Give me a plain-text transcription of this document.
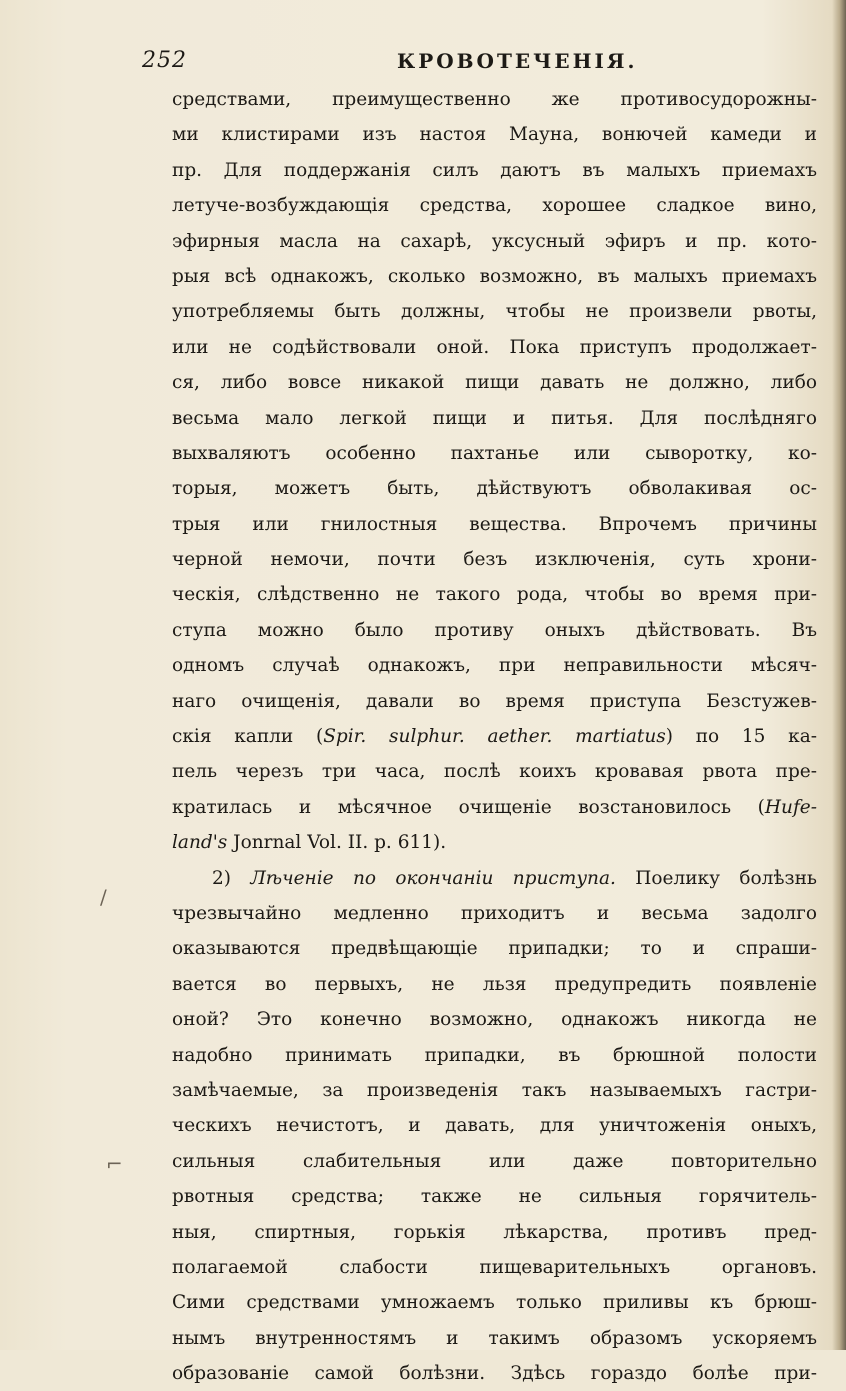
252	КРОВОТЕЧЕНІЯ.
средствами, преимущественно же противосудорожны-
ми клистирами изъ настоя Мауна, вонючей камеди и
пр. Для поддержанія силъ даютъ въ малыхъ приемахъ
летуче-возбуждающія средства, хорошее сладкое вино,
эфирныя масла на сахарѣ, уксусный эфиръ и пр. кото-
рыя всѣ однакожъ, сколько возможно, въ малыхъ приемахъ
употребляемы быть должны, чтобы не произвели рвоты,
или не содѣйствовали оной. Пока приступъ продолжает-
ся, либо вовсе никакой пищи давать не должно, либо
весьма мало легкой пищи и питья. Для послѣдняго
выхваляютъ особенно пахтанье или сыворотку, ко-
торыя, можетъ быть, дѣйствуютъ обволакивая ос-
трыя или гнилостныя вещества. Впрочемъ причины
черной немочи, почти безъ изключенія, суть хрони-
ческія, слѣдственно не такого рода, чтобы во время при-
ступа можно было противу оныхъ дѣйствовать. Въ
одномъ случаѣ однакожъ, при неправильности мѣсяч-
наго очищенія, давали во время приступа Безстужев-
скія капли (Spir. sulphur. aether. martiatus) по 15 ка-
пель черезъ три часа, послѣ коихъ кровавая рвота пре-
кратилась и мѣсячное очищеніе возстановилось (Hufe-
land's Jonrnal Vol. II. p. 611).
2) Лѣченіе по окончаніи приступа. Поелику болѣзнь
чрезвычайно медленно приходитъ и весьма задолго
оказываются предвѣщающіе припадки; то и спраши-
вается во первыхъ, не льзя предупредить появленіе
оной? Это конечно возможно, однакожъ никогда не
надобно принимать припадки, въ брюшной полости
замѣчаемые, за произведенія такъ называемыхъ гастри-
ческихъ нечистотъ, и давать, для уничтоженія оныхъ,
сильныя слабительныя или даже повторительно
рвотныя средства; также не сильныя горячитель-
ныя, спиртныя, горькія лѣкарства, противъ пред-
полагаемой слабости пищеварительныхъ органовъ.
Сими средствами умножаемъ только приливы къ брюш-
нымъ внутренностямъ и такимъ образомъ ускоряемъ
образованіе самой болѣзни. Здѣсь гораздо болѣе при-
/
⌐
